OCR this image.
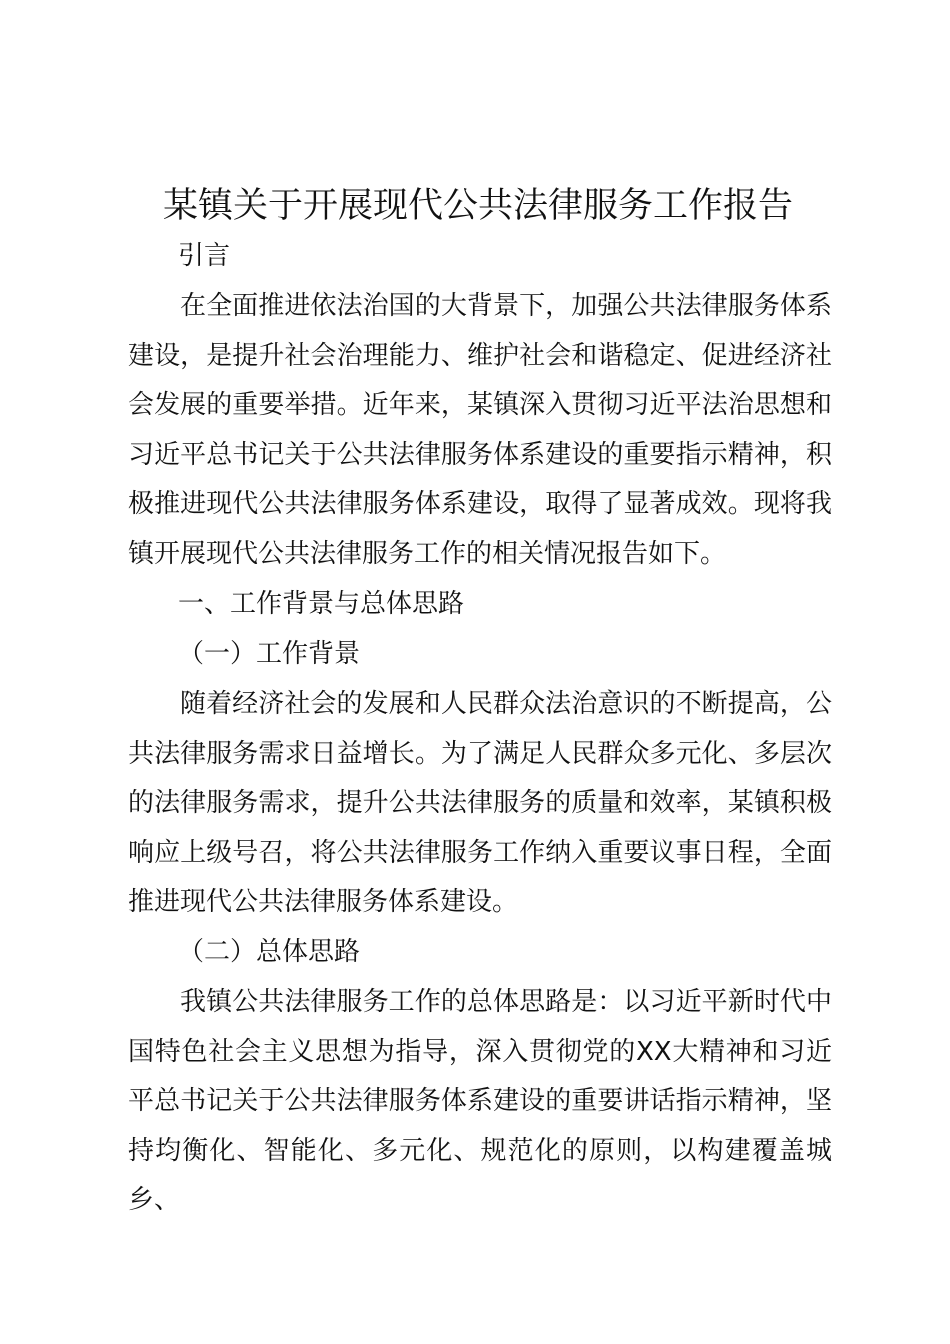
某镇关于开展现代公共法律服务工作报告

引言

在全面推进依法治国的大背景下，加强公共法律服务体系建设，是提升社会治理能力、维护社会和谐稳定、促进经济社会发展的重要举措。近年来，某镇深入贯彻习近平法治思想和习近平总书记关于公共法律服务体系建设的重要指示精神，积极推进现代公共法律服务体系建设，取得了显著成效。现将我镇开展现代公共法律服务工作的相关情况报告如下。

一、工作背景与总体思路

（一）工作背景

随着经济社会的发展和人民群众法治意识的不断提高，公共法律服务需求日益增长。为了满足人民群众多元化、多层次的法律服务需求，提升公共法律服务的质量和效率，某镇积极响应上级号召，将公共法律服务工作纳入重要议事日程，全面推进现代公共法律服务体系建设。

（二）总体思路

我镇公共法律服务工作的总体思路是：以习近平新时代中国特色社会主义思想为指导，深入贯彻党的XX大精神和习近平总书记关于公共法律服务体系建设的重要讲话指示精神，坚持均衡化、智能化、多元化、规范化的原则，以构建覆盖城乡、
